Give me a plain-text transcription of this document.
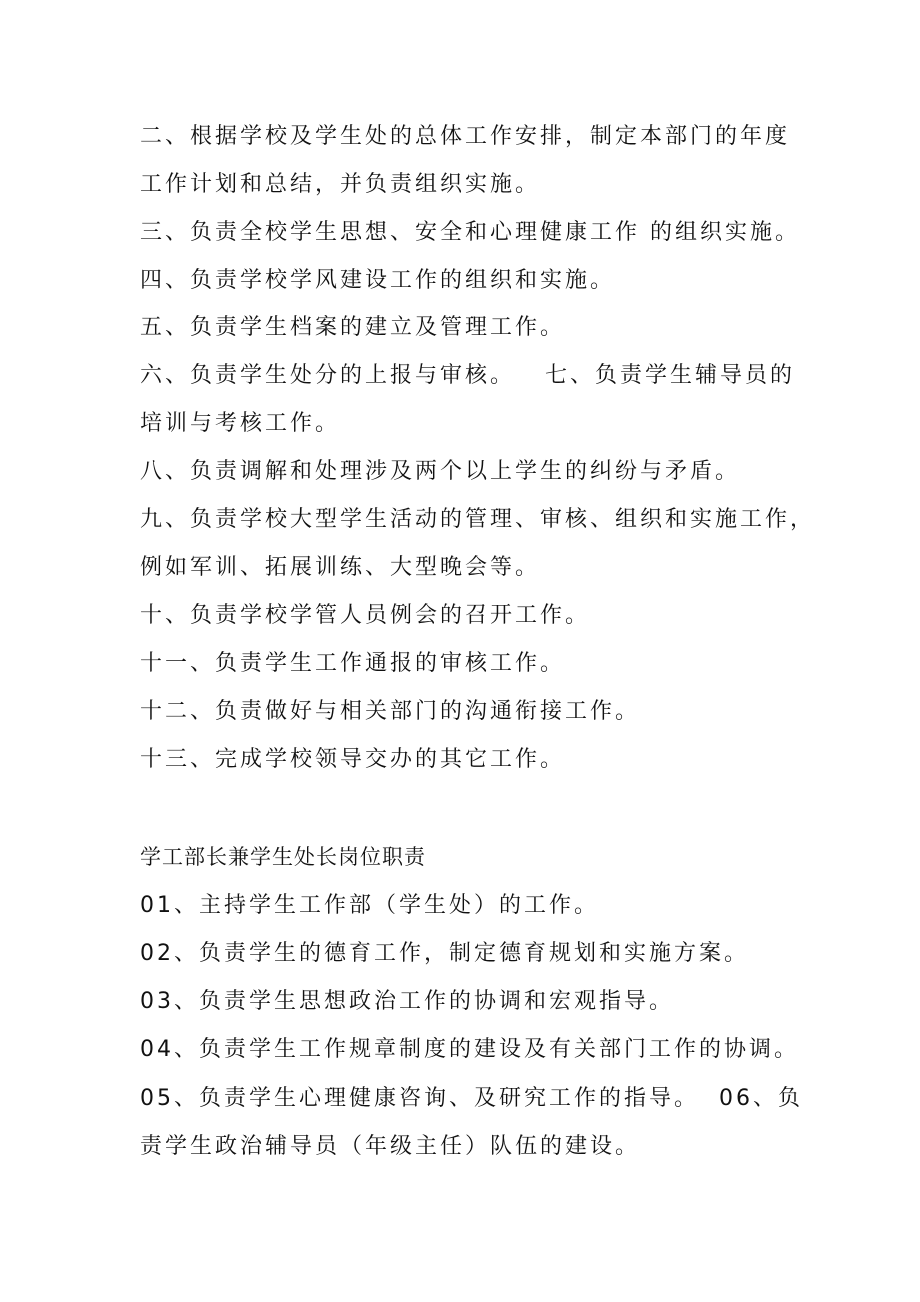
二、根据学校及学生处的总体工作安排，制定本部门的年度
工作计划和总结，并负责组织实施。
三、负责全校学生思想、安全和心理健康工作 的组织实施。
四、负责学校学风建设工作的组织和实施。
五、负责学生档案的建立及管理工作。
六、负责学生处分的上报与审核。   七、负责学生辅导员的
培训与考核工作。
八、负责调解和处理涉及两个以上学生的纠纷与矛盾。
九、负责学校大型学生活动的管理、审核、组织和实施工作，
例如军训、拓展训练、大型晚会等。
十、负责学校学管人员例会的召开工作。
十一、负责学生工作通报的审核工作。
十二、负责做好与相关部门的沟通衔接工作。
十三、完成学校领导交办的其它工作。
学工部长兼学生处长岗位职责
01、主持学生工作部（学生处）的工作。
02、负责学生的德育工作，制定德育规划和实施方案。
03、负责学生思想政治工作的协调和宏观指导。
04、负责学生工作规章制度的建设及有关部门工作的协调。
05、负责学生心理健康咨询、及研究工作的指导。  06、负
责学生政治辅导员（年级主任）队伍的建设。
